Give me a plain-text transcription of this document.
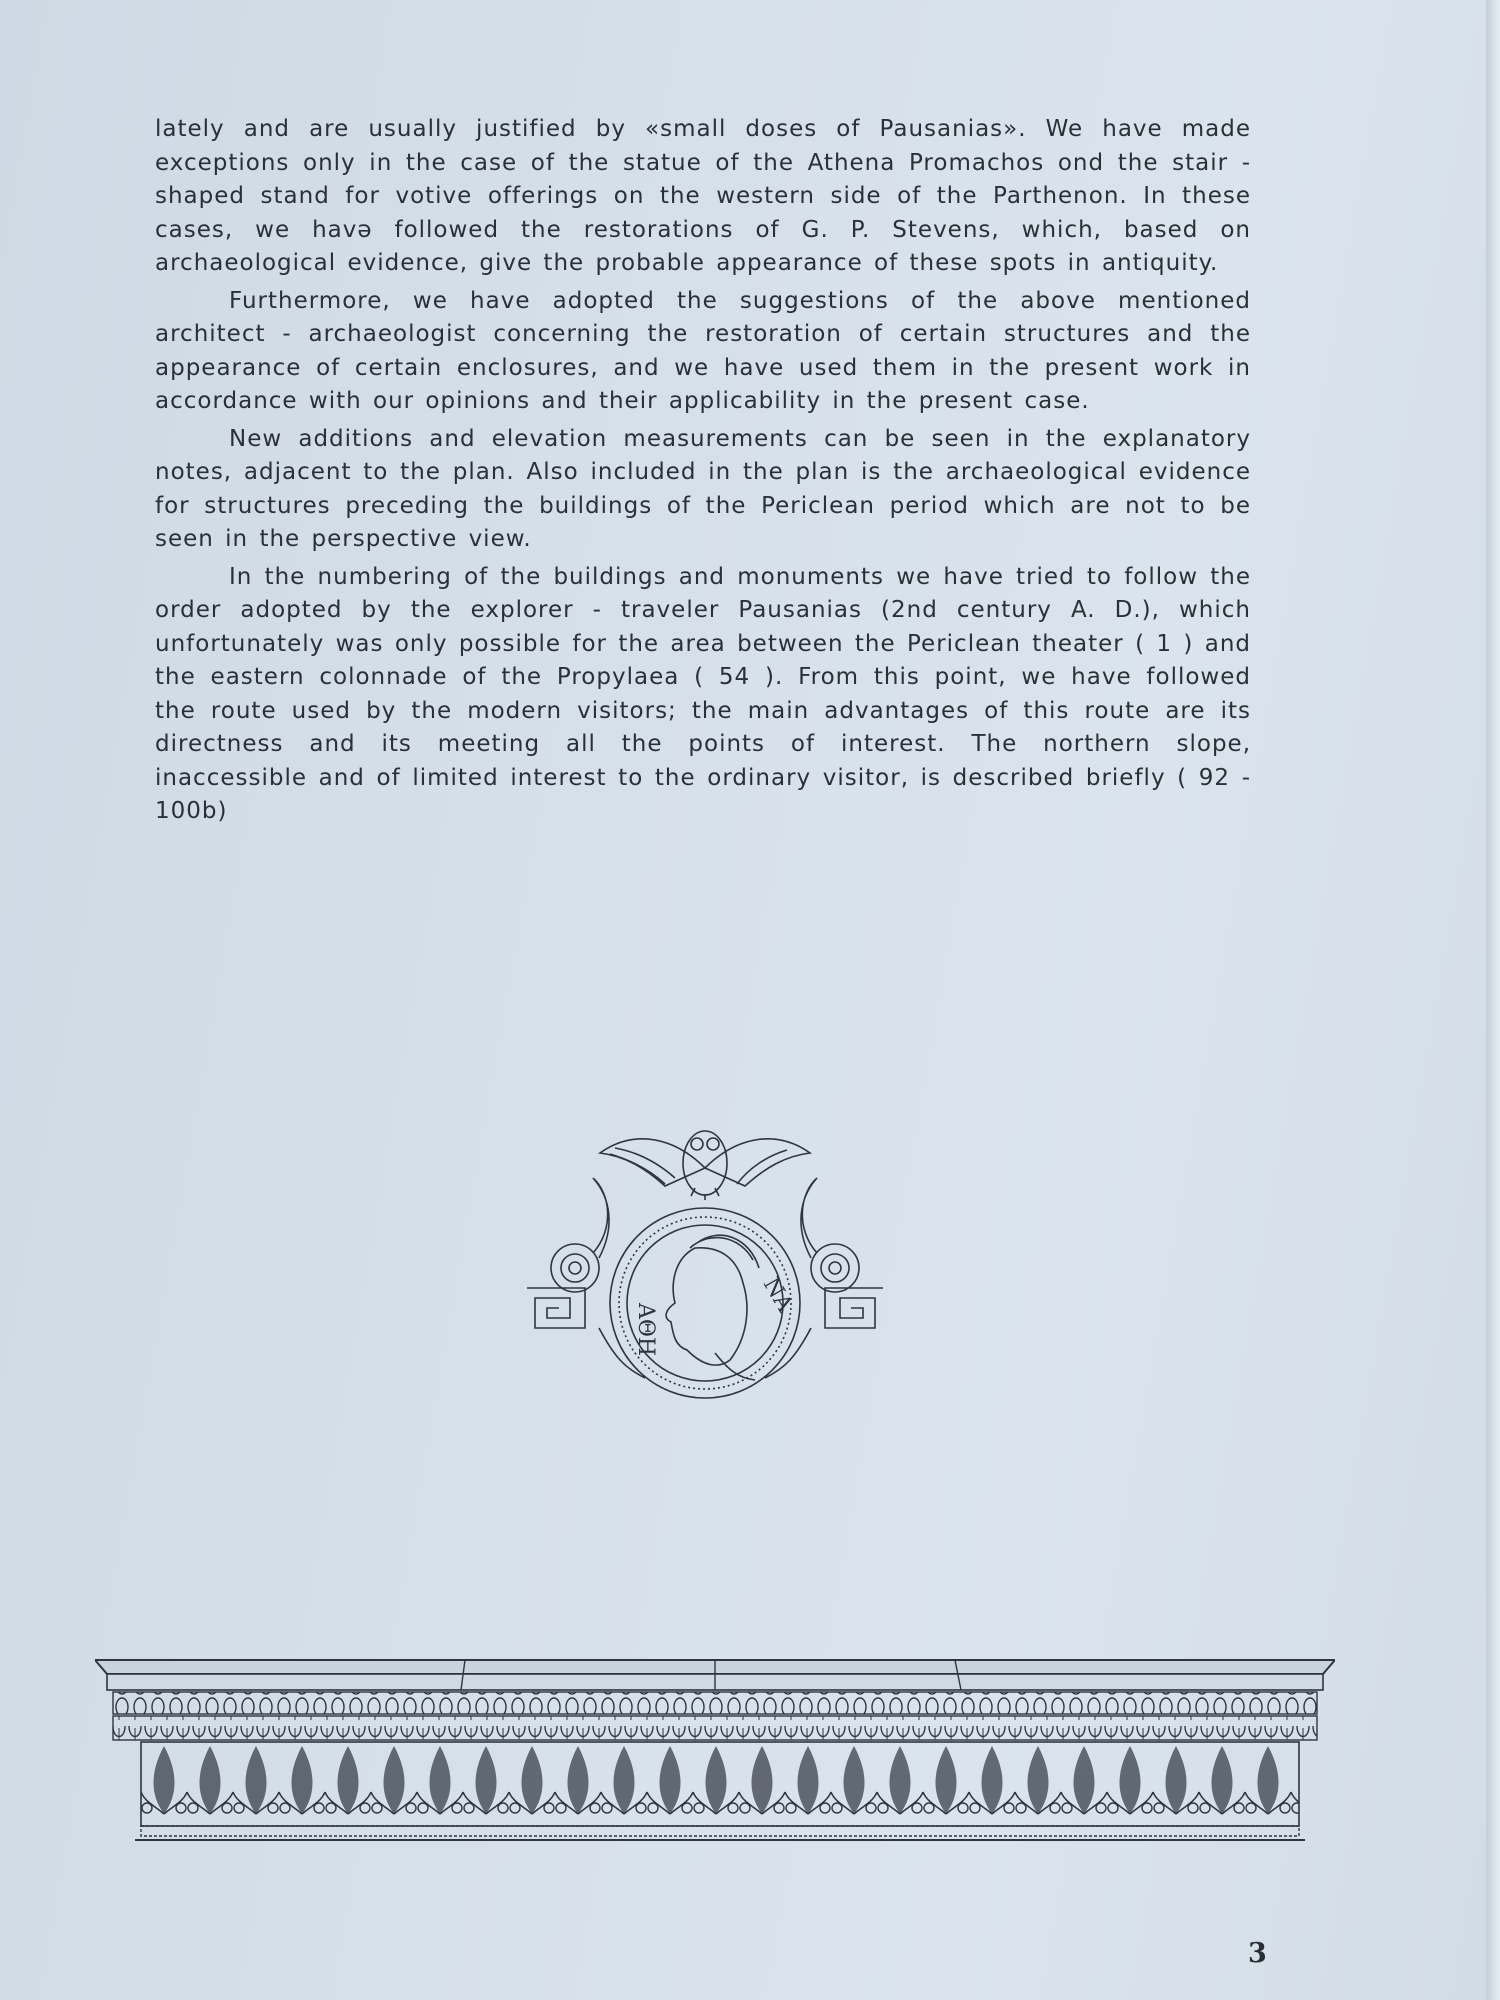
lately and are usually justified by «small doses of Pausanias». We have made exceptions only in the case of the statue of the Athena Promachos ond the stair - shaped stand for votive offerings on the western side of the Parthenon. In these cases, we havə followed the restorations of G. P. Stevens, which, based on archaeological evidence, give the probable appearance of these spots in antiquity.

Furthermore, we have adopted the suggestions of the above mentioned architect - archaeologist concerning the restoration of certain structures and the appearance of certain enclosures, and we have used them in the present work in accordance with our opinions and their applicability in the present case.

New additions and elevation measurements can be seen in the explanatory notes, adjacent to the plan. Also included in the plan is the archaeological evidence for structures preceding the buildings of the Periclean period which are not to be seen in the perspective view.

In the numbering of the buildings and monuments we have tried to follow the order adopted by the explorer - traveler Pausanias (2nd century A. D.), which unfortunately was only possible for the area between the Periclean theater ( 1 ) and the eastern colonnade of the Propylaea ( 54 ). From this point, we have followed the route used by the modern visitors; the main advantages of this route are its directness and its meeting all the points of interest. The northern slope, inaccessible and of limited interest to the ordinary visitor, is described briefly ( 92 - 100b)

ΑΘΗ
ΝΑ
3
